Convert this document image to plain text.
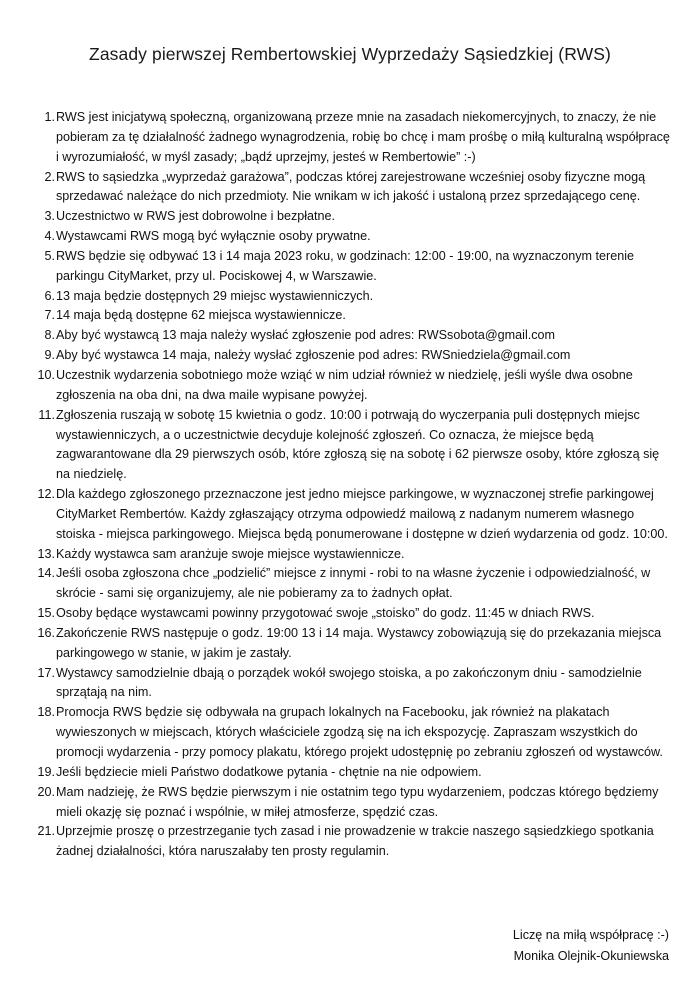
Zasady pierwszej Rembertowskiej Wyprzedaży Sąsiedzkiej (RWS)
1. RWS jest inicjatywą społeczną, organizowaną przeze mnie na zasadach niekomercyjnych, to znaczy, że nie pobieram za tę działalność żadnego wynagrodzenia, robię bo chcę i mam prośbę o miłą kulturalną współpracę i wyrozumiałość, w myśl zasady; „bądź uprzejmy, jesteś w Rembertowie” :-)
2. RWS to sąsiedzka „wyprzedaż garażowa”, podczas której zarejestrowane wcześniej osoby fizyczne mogą sprzedawać należące do nich przedmioty. Nie wnikam w ich jakość i ustaloną przez sprzedającego cenę.
3. Uczestnictwo w RWS jest dobrowolne i bezpłatne.
4. Wystawcami RWS mogą być wyłącznie osoby prywatne.
5. RWS będzie się odbywać 13 i 14 maja 2023 roku, w godzinach: 12:00 - 19:00, na wyznaczonym terenie parkingu CityMarket, przy ul. Pociskowej 4, w Warszawie.
6. 13 maja będzie dostępnych 29 miejsc wystawienniczych.
7. 14 maja będą dostępne 62 miejsca wystawiennicze.
8. Aby być wystawcą 13 maja należy wysłać zgłoszenie pod adres: RWSsobota@gmail.com
9. Aby być wystawca 14 maja, należy wysłać zgłoszenie pod adres: RWSniedziela@gmail.com
10. Uczestnik wydarzenia sobotniego może wziąć w nim udział również w niedzielę, jeśli wyśle dwa osobne zgłoszenia na oba dni, na dwa maile wypisane powyżej.
11. Zgłoszenia ruszają w sobotę 15 kwietnia o godz. 10:00 i potrwają do wyczerpania puli dostępnych miejsc wystawienniczych, a o uczestnictwie decyduje kolejność zgłoszeń. Co oznacza, że miejsce będą zagwarantowane dla 29 pierwszych osób, które zgłoszą się na sobotę i 62 pierwsze osoby, które zgłoszą się na niedzielę.
12. Dla każdego zgłoszonego przeznaczone jest jedno miejsce parkingowe, w wyznaczonej strefie parkingowej CityMarket Rembertów. Każdy zgłaszający otrzyma odpowiedź mailową z nadanym numerem własnego stoiska - miejsca parkingowego. Miejsca będą ponumerowane i dostępne w dzień wydarzenia od godz. 10:00.
13. Każdy wystawca sam aranżuje swoje miejsce wystawiennicze.
14. Jeśli osoba zgłoszona chce „podzielić” miejsce z innymi - robi to na własne życzenie i odpowiedzialność, w skrócie - sami się organizujemy, ale nie pobieramy za to żadnych opłat.
15. Osoby będące wystawcami powinny przygotować swoje „stoisko” do godz. 11:45 w dniach RWS.
16. Zakończenie RWS następuje o godz. 19:00 13 i 14 maja. Wystawcy zobowiązują się do przekazania miejsca parkingowego w stanie, w jakim je zastały.
17. Wystawcy samodzielnie dbają o porządek wokół swojego stoiska, a po zakończonym dniu - samodzielnie sprzątają na nim.
18. Promocja RWS będzie się odbywała na grupach lokalnych na Facebooku, jak również na plakatach wywieszonych w miejscach, których właściciele zgodzą się na ich ekspozycję. Zapraszam wszystkich do promocji wydarzenia - przy pomocy plakatu, którego projekt udostępnię po zebraniu zgłoszeń od wystawców.
19. Jeśli będziecie mieli Państwo dodatkowe pytania - chętnie na nie odpowiem.
20. Mam nadzieję, że RWS będzie pierwszym i nie ostatnim tego typu wydarzeniem, podczas którego będziemy mieli okazję się poznać i wspólnie, w miłej atmosferze, spędzić czas.
21. Uprzejmie proszę o przestrzeganie tych zasad i nie prowadzenie w trakcie naszego sąsiedzkiego spotkania żadnej działalności, która naruszałaby ten prosty regulamin.
Liczę na miłą współpracę :-)
Monika Olejnik-Okuniewska
